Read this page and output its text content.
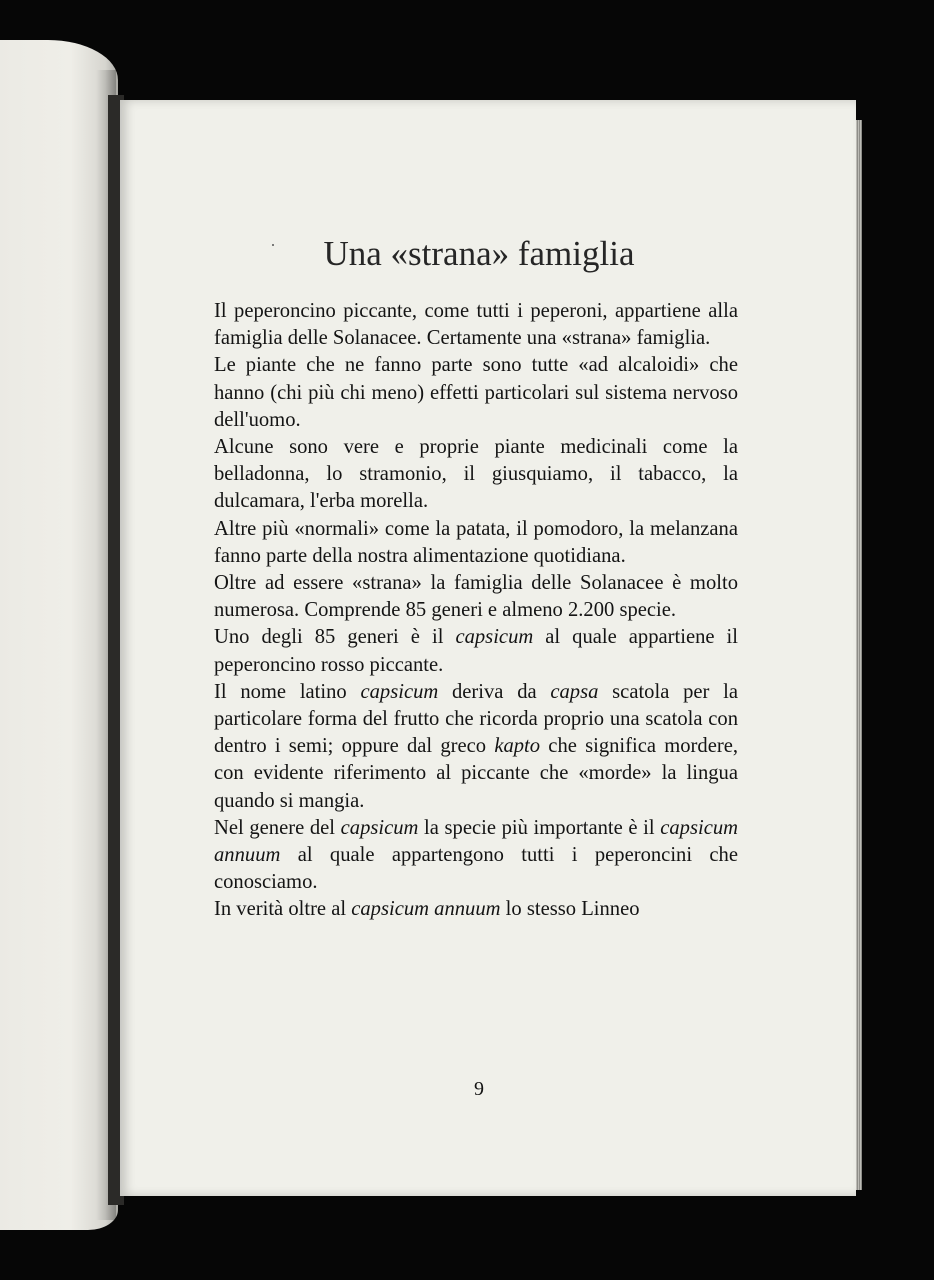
Una «strana» famiglia

Il peperoncino piccante, come tutti i peperoni, appartiene alla famiglia delle Solanacee. Certamente una «strana» famiglia.

Le piante che ne fanno parte sono tutte «ad alcaloidi» che hanno (chi più chi meno) effetti particolari sul sistema nervoso dell'uomo.

Alcune sono vere e proprie piante medicinali come la belladonna, lo stramonio, il giusquiamo, il tabacco, la dulcamara, l'erba morella.

Altre più «normali» come la patata, il pomodoro, la melanzana fanno parte della nostra alimentazione quotidiana.

Oltre ad essere «strana» la famiglia delle Solanacee è molto numerosa. Comprende 85 generi e almeno 2.200 specie.

Uno degli 85 generi è il capsicum al quale appartiene il peperoncino rosso piccante.

Il nome latino capsicum deriva da capsa scatola per la particolare forma del frutto che ricorda proprio una scatola con dentro i semi; oppure dal greco kapto che significa mordere, con evidente riferimento al piccante che «morde» la lingua quando si mangia.

Nel genere del capsicum la specie più importante è il capsicum annuum al quale appartengono tutti i peperoncini che conosciamo.

In verità oltre al capsicum annuum lo stesso Linneo

9
